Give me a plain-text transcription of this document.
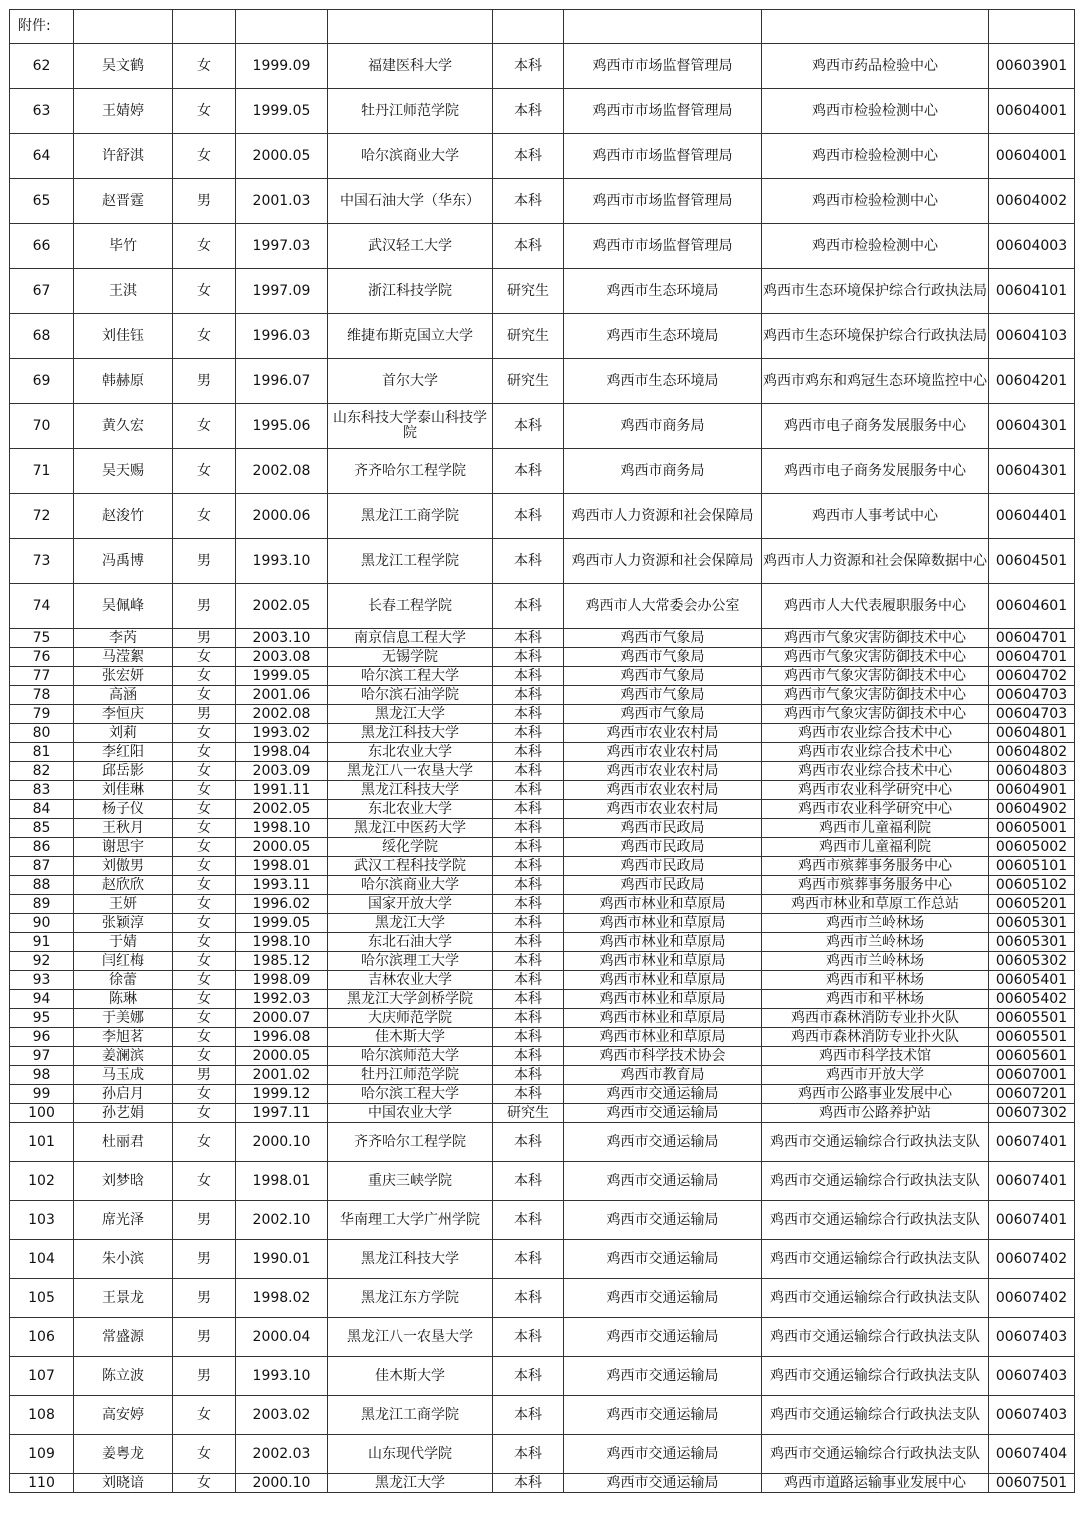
附件:								
62	吴文鹤	女	1999.09	福建医科大学	本科	鸡西市市场监督管理局	鸡西市药品检验中心	00603901
63	王婧婷	女	1999.05	牡丹江师范学院	本科	鸡西市市场监督管理局	鸡西市检验检测中心	00604001
64	许舒淇	女	2000.05	哈尔滨商业大学	本科	鸡西市市场监督管理局	鸡西市检验检测中心	00604001
65	赵晋霆	男	2001.03	中国石油大学（华东）	本科	鸡西市市场监督管理局	鸡西市检验检测中心	00604002
66	毕竹	女	1997.03	武汉轻工大学	本科	鸡西市市场监督管理局	鸡西市检验检测中心	00604003
67	王淇	女	1997.09	浙江科技学院	研究生	鸡西市生态环境局	鸡西市生态环境保护综合行政执法局	00604101
68	刘佳钰	女	1996.03	维捷布斯克国立大学	研究生	鸡西市生态环境局	鸡西市生态环境保护综合行政执法局	00604103
69	韩赫原	男	1996.07	首尔大学	研究生	鸡西市生态环境局	鸡西市鸡东和鸡冠生态环境监控中心	00604201
70	黄久宏	女	1995.06	山东科技大学泰山科技学院	本科	鸡西市商务局	鸡西市电子商务发展服务中心	00604301
71	吴天赐	女	2002.08	齐齐哈尔工程学院	本科	鸡西市商务局	鸡西市电子商务发展服务中心	00604301
72	赵浚竹	女	2000.06	黑龙江工商学院	本科	鸡西市人力资源和社会保障局	鸡西市人事考试中心	00604401
73	冯禹博	男	1993.10	黑龙江工程学院	本科	鸡西市人力资源和社会保障局	鸡西市人力资源和社会保障数据中心	00604501
74	吴佩峰	男	2002.05	长春工程学院	本科	鸡西市人大常委会办公室	鸡西市人大代表履职服务中心	00604601
75	李芮	男	2003.10	南京信息工程大学	本科	鸡西市气象局	鸡西市气象灾害防御技术中心	00604701
76	马滢絮	女	2003.08	无锡学院	本科	鸡西市气象局	鸡西市气象灾害防御技术中心	00604701
77	张宏妍	女	1999.05	哈尔滨工程大学	本科	鸡西市气象局	鸡西市气象灾害防御技术中心	00604702
78	高涵	女	2001.06	哈尔滨石油学院	本科	鸡西市气象局	鸡西市气象灾害防御技术中心	00604703
79	李恒庆	男	2002.08	黑龙江大学	本科	鸡西市气象局	鸡西市气象灾害防御技术中心	00604703
80	刘莉	女	1993.02	黑龙江科技大学	本科	鸡西市农业农村局	鸡西市农业综合技术中心	00604801
81	李红阳	女	1998.04	东北农业大学	本科	鸡西市农业农村局	鸡西市农业综合技术中心	00604802
82	邱岳影	女	2003.09	黑龙江八一农垦大学	本科	鸡西市农业农村局	鸡西市农业综合技术中心	00604803
83	刘佳琳	女	1991.11	黑龙江科技大学	本科	鸡西市农业农村局	鸡西市农业科学研究中心	00604901
84	杨子仪	女	2002.05	东北农业大学	本科	鸡西市农业农村局	鸡西市农业科学研究中心	00604902
85	王秋月	女	1998.10	黑龙江中医药大学	本科	鸡西市民政局	鸡西市儿童福利院	00605001
86	谢思宇	女	2000.05	绥化学院	本科	鸡西市民政局	鸡西市儿童福利院	00605002
87	刘傲男	女	1998.01	武汉工程科技学院	本科	鸡西市民政局	鸡西市殡葬事务服务中心	00605101
88	赵欣欣	女	1993.11	哈尔滨商业大学	本科	鸡西市民政局	鸡西市殡葬事务服务中心	00605102
89	王妍	女	1996.02	国家开放大学	本科	鸡西市林业和草原局	鸡西市林业和草原工作总站	00605201
90	张颖淳	女	1999.05	黑龙江大学	本科	鸡西市林业和草原局	鸡西市兰岭林场	00605301
91	于婧	女	1998.10	东北石油大学	本科	鸡西市林业和草原局	鸡西市兰岭林场	00605301
92	闫红梅	女	1985.12	哈尔滨理工大学	本科	鸡西市林业和草原局	鸡西市兰岭林场	00605302
93	徐蕾	女	1998.09	吉林农业大学	本科	鸡西市林业和草原局	鸡西市和平林场	00605401
94	陈琳	女	1992.03	黑龙江大学剑桥学院	本科	鸡西市林业和草原局	鸡西市和平林场	00605402
95	于美娜	女	2000.07	大庆师范学院	本科	鸡西市林业和草原局	鸡西市森林消防专业扑火队	00605501
96	李旭茗	女	1996.08	佳木斯大学	本科	鸡西市林业和草原局	鸡西市森林消防专业扑火队	00605501
97	姜澜滨	女	2000.05	哈尔滨师范大学	本科	鸡西市科学技术协会	鸡西市科学技术馆	00605601
98	马玉成	男	2001.02	牡丹江师范学院	本科	鸡西市教育局	鸡西市开放大学	00607001
99	孙启月	女	1999.12	哈尔滨工程大学	本科	鸡西市交通运输局	鸡西市公路事业发展中心	00607201
100	孙艺娟	女	1997.11	中国农业大学	研究生	鸡西市交通运输局	鸡西市公路养护站	00607302
101	杜丽君	女	2000.10	齐齐哈尔工程学院	本科	鸡西市交通运输局	鸡西市交通运输综合行政执法支队	00607401
102	刘梦晗	女	1998.01	重庆三峡学院	本科	鸡西市交通运输局	鸡西市交通运输综合行政执法支队	00607401
103	席光泽	男	2002.10	华南理工大学广州学院	本科	鸡西市交通运输局	鸡西市交通运输综合行政执法支队	00607401
104	朱小滨	男	1990.01	黑龙江科技大学	本科	鸡西市交通运输局	鸡西市交通运输综合行政执法支队	00607402
105	王景龙	男	1998.02	黑龙江东方学院	本科	鸡西市交通运输局	鸡西市交通运输综合行政执法支队	00607402
106	常盛源	男	2000.04	黑龙江八一农垦大学	本科	鸡西市交通运输局	鸡西市交通运输综合行政执法支队	00607403
107	陈立波	男	1993.10	佳木斯大学	本科	鸡西市交通运输局	鸡西市交通运输综合行政执法支队	00607403
108	高安婷	女	2003.02	黑龙江工商学院	本科	鸡西市交通运输局	鸡西市交通运输综合行政执法支队	00607403
109	姜粤龙	女	2002.03	山东现代学院	本科	鸡西市交通运输局	鸡西市交通运输综合行政执法支队	00607404
110	刘晓谙	女	2000.10	黑龙江大学	本科	鸡西市交通运输局	鸡西市道路运输事业发展中心	00607501
